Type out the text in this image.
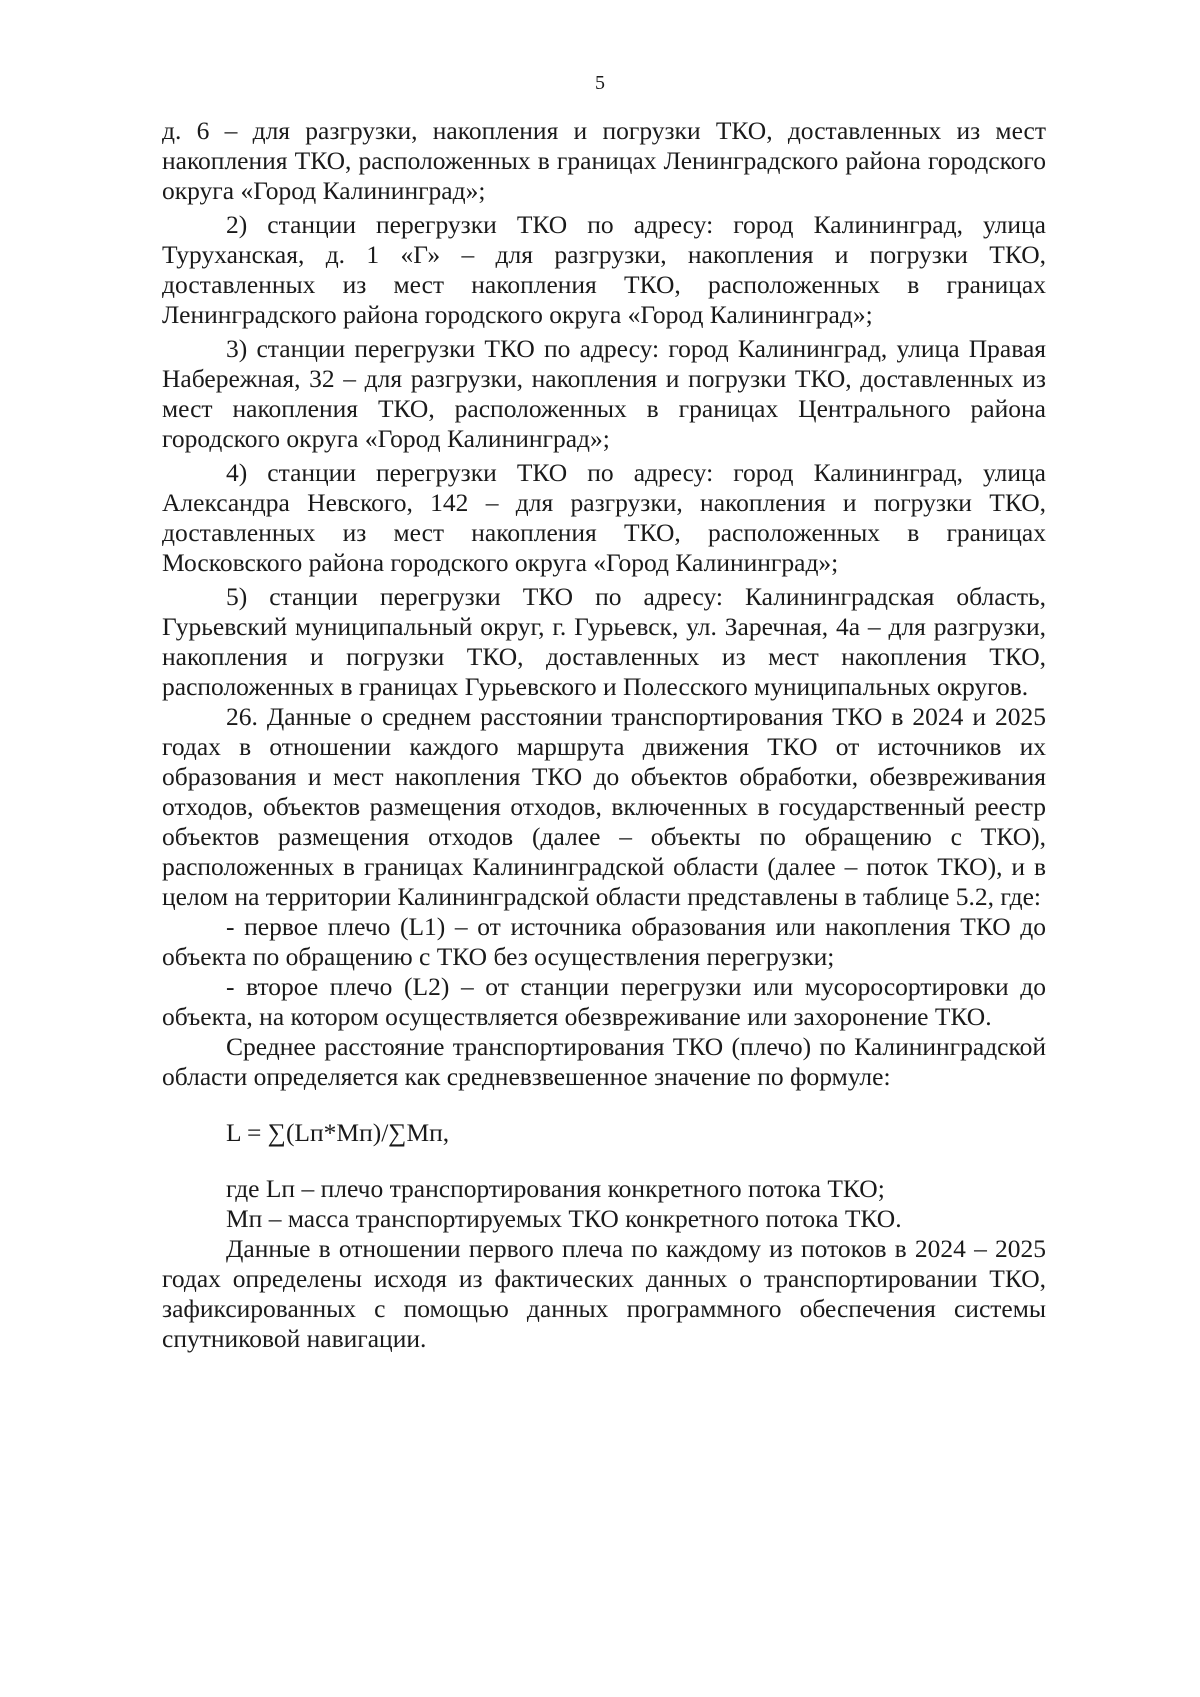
5

д. 6 – для разгрузки, накопления и погрузки ТКО, доставленных из мест накопления ТКО, расположенных в границах Ленинградского района городского округа «Город Калининград»;

2) станции перегрузки ТКО по адресу: город Калининград, улица Туруханская, д. 1 «Г» – для разгрузки, накопления и погрузки ТКО, доставленных из мест накопления ТКО, расположенных в границах Ленинградского района городского округа «Город Калининград»;

3) станции перегрузки ТКО по адресу: город Калининград, улица Правая Набережная, 32 – для разгрузки, накопления и погрузки ТКО, доставленных из мест накопления ТКО, расположенных в границах Центрального района городского округа «Город Калининград»;

4) станции перегрузки ТКО по адресу: город Калининград, улица Александра Невского, 142 – для разгрузки, накопления и погрузки ТКО, доставленных из мест накопления ТКО, расположенных в границах Московского района городского округа «Город Калининград»;

5) станции перегрузки ТКО по адресу: Калининградская область, Гурьевский муниципальный округ, г. Гурьевск, ул. Заречная, 4а – для разгрузки, накопления и погрузки ТКО, доставленных из мест накопления ТКО, расположенных в границах Гурьевского и Полесского муниципальных округов.

26. Данные о среднем расстоянии транспортирования ТКО в 2024 и 2025 годах в отношении каждого маршрута движения ТКО от источников их образования и мест накопления ТКО до объектов обработки, обезвреживания отходов, объектов размещения отходов, включенных в государственный реестр объектов размещения отходов (далее – объекты по обращению с ТКО), расположенных в границах Калининградской области (далее – поток ТКО), и в целом на территории Калининградской области представлены в таблице 5.2, где:

- первое плечо (L1) – от источника образования или накопления ТКО до объекта по обращению с ТКО без осуществления перегрузки;

- второе плечо (L2) – от станции перегрузки или мусоросортировки до объекта, на котором осуществляется обезвреживание или захоронение ТКО.

Среднее расстояние транспортирования ТКО (плечо) по Калининградской области определяется как средневзвешенное значение по формуле:

L = ∑(Lп*Mп)/∑Mп,

где Lп – плечо транспортирования конкретного потока ТКО;

Mп – масса транспортируемых ТКО конкретного потока ТКО.

Данные в отношении первого плеча по каждому из потоков в 2024 – 2025 годах определены исходя из фактических данных о транспортировании ТКО, зафиксированных с помощью данных программного обеспечения системы спутниковой навигации.
